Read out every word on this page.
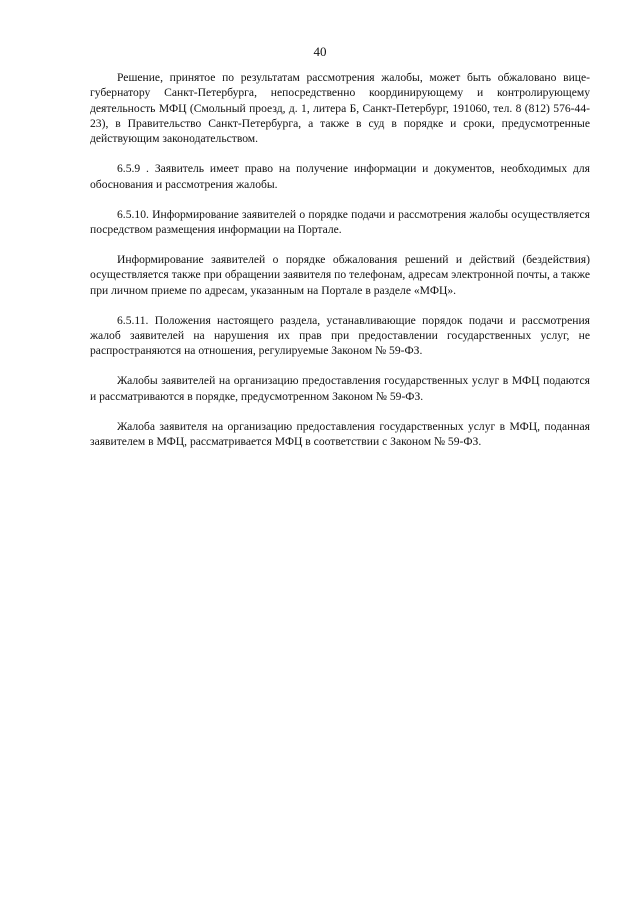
40

Решение, принятое по результатам рассмотрения жалобы, может быть обжаловано вице-губернатору Санкт-Петербурга, непосредственно координирующему и контролирующему деятельность МФЦ (Смольный проезд, д. 1, литера Б, Санкт-Петербург, 191060, тел. 8 (812) 576-44-23), в Правительство Санкт-Петербурга, а также в суд в порядке и сроки, предусмотренные действующим законодательством.

6.5.9 . Заявитель имеет право на получение информации и документов, необходимых для обоснования и рассмотрения жалобы.

6.5.10. Информирование заявителей о порядке подачи и рассмотрения жалобы осуществляется посредством размещения информации на Портале.

Информирование заявителей о порядке обжалования решений и действий (бездействия) осуществляется также при обращении заявителя по телефонам, адресам электронной почты, а также при личном приеме по адресам, указанным на Портале в разделе «МФЦ».

6.5.11. Положения настоящего раздела, устанавливающие порядок подачи и рассмотрения жалоб заявителей на нарушения их прав при предоставлении государственных услуг, не распространяются на отношения, регулируемые Законом № 59-ФЗ.

Жалобы заявителей на организацию предоставления государственных услуг в МФЦ подаются и рассматриваются в порядке, предусмотренном Законом № 59-ФЗ.

Жалоба заявителя на организацию предоставления государственных услуг в МФЦ, поданная заявителем в МФЦ, рассматривается МФЦ в соответствии с Законом № 59-ФЗ.
